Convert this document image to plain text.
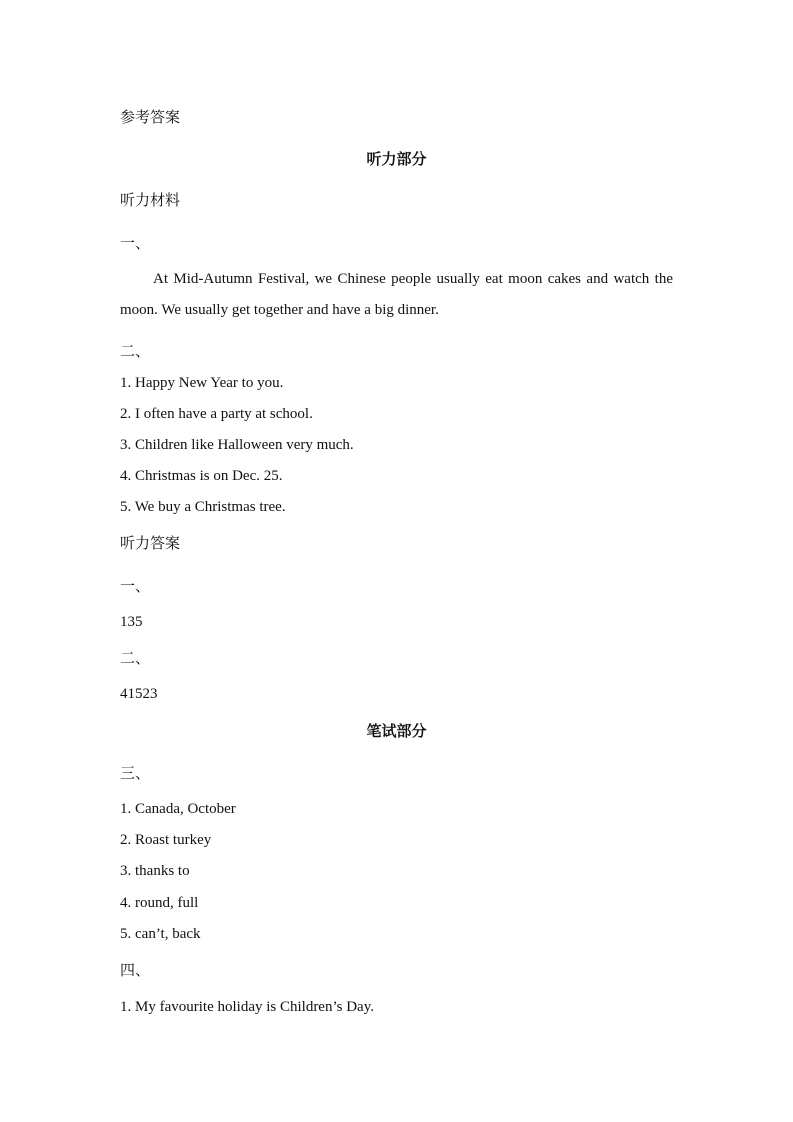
参考答案
听力部分
听力材料
一、
At Mid-Autumn Festival, we Chinese people usually eat moon cakes and watch the moon. We usually get together and have a big dinner.
二、
1. Happy New Year to you.
2. I often have a party at school.
3. Children like Halloween very much.
4. Christmas is on Dec. 25.
5. We buy a Christmas tree.
听力答案
一、
135
二、
41523
笔试部分
三、
1. Canada, October
2. Roast turkey
3. thanks to
4. round, full
5. can’t, back
四、
1. My favourite holiday is Children’s Day.
